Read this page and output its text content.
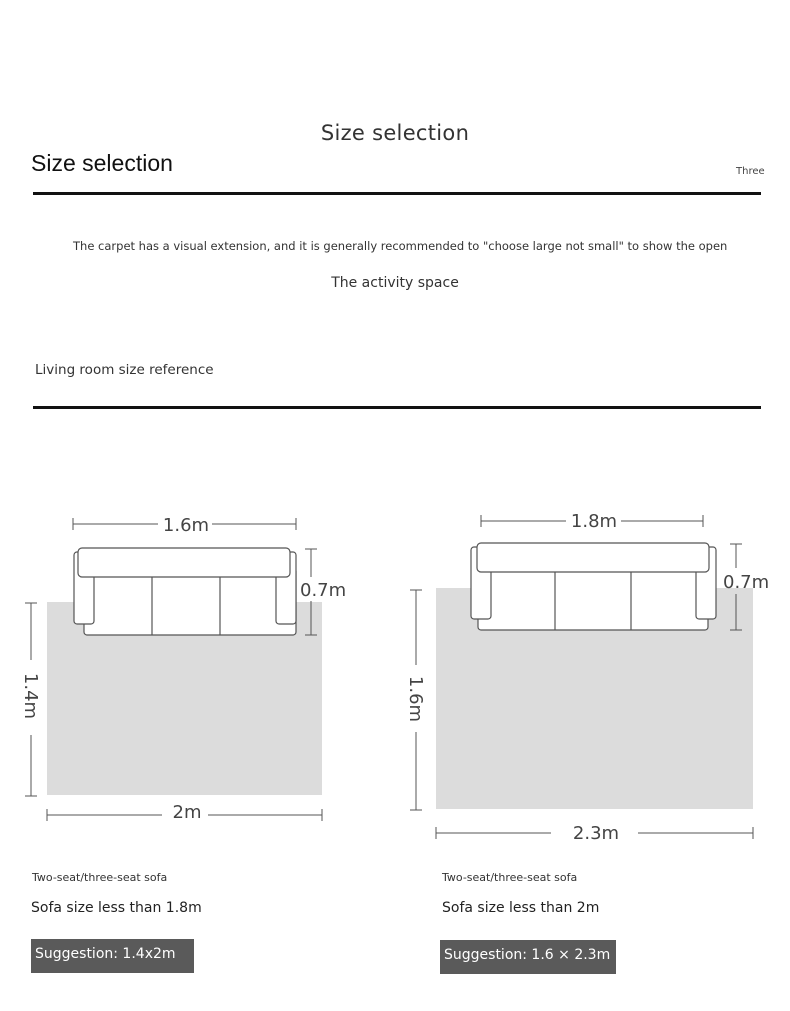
Size selection
Size selection	Three
The carpet has a visual extension, and it is generally recommended to "choose large not small" to show the open
The activity space
Living room size reference
1.6m
0.7m
1.4m
2m
1.8m
0.7m
1.6m
2.3m
Two-seat/three-seat sofa
Sofa size less than 1.8m
Suggestion: 1.4x2m
Two-seat/three-seat sofa
Sofa size less than 2m
Suggestion: 1.6 × 2.3m
